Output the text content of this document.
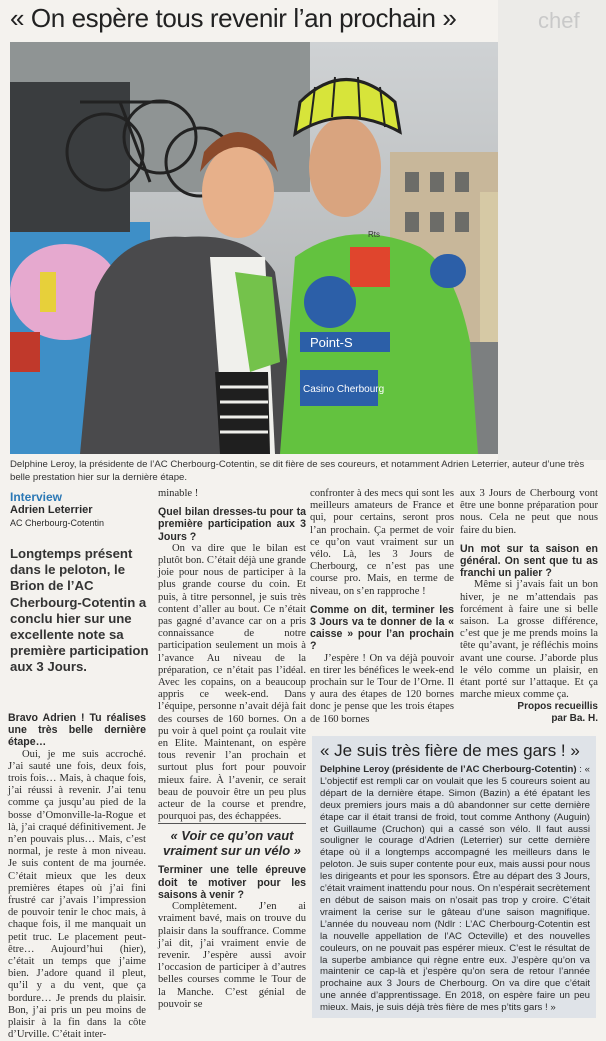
« On espère tous revenir l’an prochain »	chef
Point-S
Casino Cherbourg
Rts
Delphine Leroy, la présidente de l’AC Cherbourg-Cotentin, se dit fière de ses coureurs, et notamment Adrien Leterrier, auteur d’une très belle prestation hier sur la dernière étape.
Interview
Adrien Leterrier
AC Cherbourg-Cotentin
Longtemps présent dans le peloton, le Brion de l’AC Cherbourg-Cotentin a conclu hier sur une excellente note sa première participation aux 3 Jours.

Bravo Adrien ! Tu réalises une très belle dernière étape…

Oui, je me suis accroché. J’ai sauté une fois, deux fois, trois fois… Mais, à chaque fois, j’ai réussi à revenir. J’ai tenu comme ça jusqu’au pied de la bosse d’Omonville-la-Rogue et là, j’ai craqué définitivement. Je n’en pouvais plus… Mais, c’est normal, je reste à mon niveau. Je suis content de ma journée. C’était mieux que les deux premières étapes où j’ai fini frustré car j’avais l’impression de pouvoir tenir le choc mais, à chaque fois, il me manquait un petit truc. Le placement peut-être… Aujourd’hui (hier), c’était un temps que j’aime bien. J’adore quand il pleut, qu’il y a du vent, que ça bordure… Je prends du plaisir. Bon, j’ai pris un peu moins de plaisir à la fin dans la côte d’Urville. C’était inter-

minable !

Quel bilan dresses-tu pour ta première participation aux 3 Jours ?

On va dire que le bilan est plutôt bon. C’était déjà une grande joie pour nous de participer à la plus grande course du coin. Et puis, à titre personnel, je suis très content d’aller au bout. Ce n’était pas gagné d’avance car on a pris connaissance de notre participation seulement un mois à l’avance Au niveau de la préparation, ce n’était pas l’idéal. Avec les copains, on a beaucoup appris ce week-end. Dans l’équipe, personne n’avait déjà fait des courses de 160 bornes. On a pu voir à quel point ça roulait vite en Elite. Maintenant, on espère tous revenir l’an prochain et surtout plus fort pour pouvoir mieux faire. À l’avenir, ce serait beau de pouvoir être un peu plus acteur de la course et prendre, pourquoi pas, des échappées.

« Voir ce qu’on vaut vraiment sur un vélo »

Terminer une telle épreuve doit te motiver pour les saisons à venir ?

Complètement. J’en ai vraiment bavé, mais on trouve du plaisir dans la souffrance. Comme j’ai dit, j’ai vraiment envie de revenir. J’espère aussi avoir l’occasion de participer à d’autres belles courses comme le Tour de la Manche. C’est génial de pouvoir se

confronter à des mecs qui sont les meilleurs amateurs de France et qui, pour certains, seront pros l’an prochain. Ça permet de voir ce qu’on vaut vraiment sur un vélo. Là, les 3 Jours de Cherbourg, ce n’est pas une course pro. Mais, en terme de niveau, on s’en rapproche !

Comme on dit, terminer les 3 Jours va te donner de la « caisse » pour l’an prochain ?

J’espère ! On va déjà pouvoir en tirer les bénéfices le week-end prochain sur le Tour de l’Orne. Il y aura des étapes de 120 bornes donc je pense que les trois étapes de 160 bornes

aux 3 Jours de Cherbourg vont être une bonne préparation pour nous. Cela ne peut que nous faire du bien.

Un mot sur ta saison en général. On sent que tu as franchi un palier ?

Même si j’avais fait un bon hiver, je ne m’attendais pas forcément à faire une si belle saison. La grosse différence, c’est que je me prends moins la tête qu’avant, je réfléchis moins avant une course. J’aborde plus le vélo comme un plaisir, en étant porté sur l’attaque. Et ça marche mieux comme ça.

Propos recueillis

par Ba. H.

« Je suis très fière de mes gars ! »
Delphine Leroy (présidente de l’AC Cherbourg-Cotentin) : « L’objectif est rempli car on voulait que les 5 coureurs soient au départ de la dernière étape. Simon (Bazin) a été épatant les deux premiers jours mais a dû abandonner sur cette dernière étape car il était transi de froid, tout comme Anthony (Auguin) et Guillaume (Cruchon) qui a cassé son vélo. Il faut aussi souligner le courage d’Adrien (Leterrier) sur cette dernière étape où il a longtemps accompagné les meilleurs dans le peloton. Je suis super contente pour eux, mais aussi pour nous les dirigeants et pour les sponsors. Être au départ des 3 Jours, c’était vraiment inattendu pour nous. On n’espérait secrètement en début de saison mais on n’osait pas trop y croire. C’était vraiment la cerise sur le gâteau d’une saison magnifique. L’année du nouveau nom (Ndlr : L’AC Cherbourg-Cotentin est la nouvelle appellation de l’AC Octeville) et des nouvelles couleurs, on ne pouvait pas espérer mieux. C’est le résultat de la superbe ambiance qui règne entre eux. J’espère qu’on va maintenir ce cap-là et j’espère qu’on sera de retour l’année prochaine aux 3 Jours de Cherbourg. On va dire que c’était une année d’apprentissage. En 2018, on espère faire un peu mieux. Mais, je suis déjà très fière de mes p’tits gars ! »
